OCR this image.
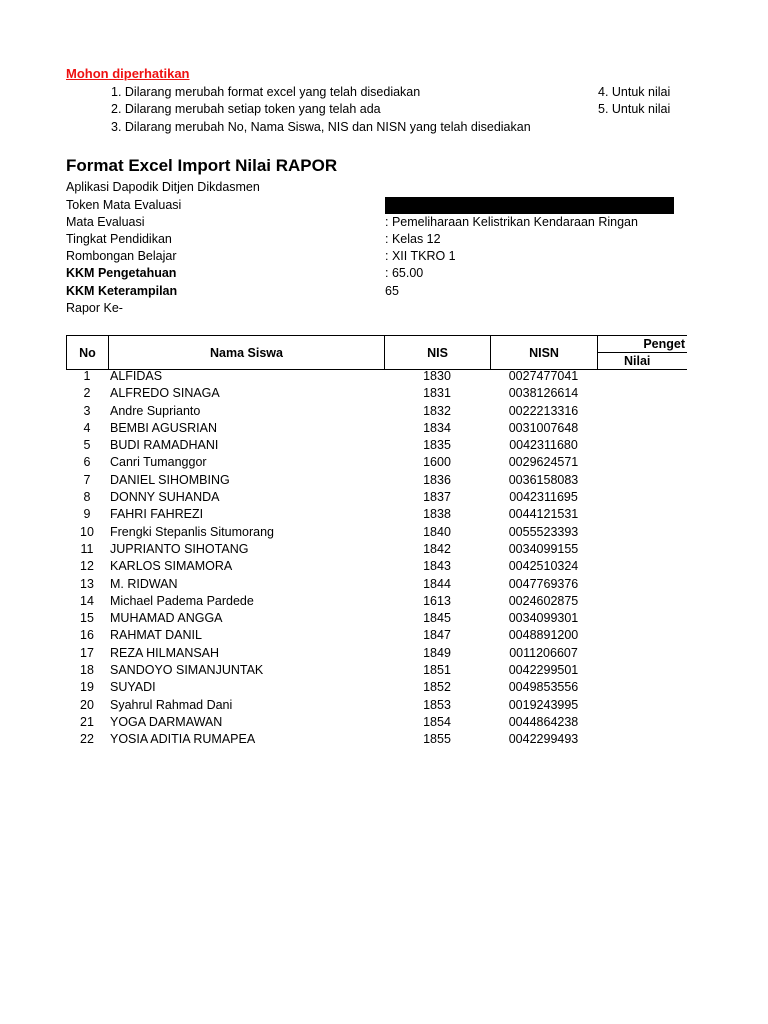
Mohon diperhatikan
1. Dilarang merubah format excel yang telah disediakan
2. Dilarang merubah setiap token yang telah ada
3. Dilarang merubah No, Nama Siswa, NIS dan NISN yang telah disediakan
4. Untuk nilai
5. Untuk nilai
Format Excel Import Nilai RAPOR
Aplikasi Dapodik Ditjen Dikdasmen
Token Mata Evaluasi
Mata Evaluasi	: Pemeliharaan Kelistrikan Kendaraan Ringan
Tingkat Pendidikan	: Kelas 12
Rombongan Belajar	: XII TKRO 1
KKM Pengetahuan	: 65.00
KKM Keterampilan	65
Rapor Ke-
No	Nama Siswa	NIS	NISN
Penget
Nilai
1	ALFIDAS	1830	0027477041
2	ALFREDO SINAGA	1831	0038126614
3	Andre Suprianto	1832	0022213316
4	BEMBI AGUSRIAN	1834	0031007648
5	BUDI RAMADHANI	1835	0042311680
6	Canri Tumanggor	1600	0029624571
7	DANIEL SIHOMBING	1836	0036158083
8	DONNY SUHANDA	1837	0042311695
9	FAHRI FAHREZI	1838	0044121531
10	Frengki Stepanlis Situmorang	1840	0055523393
11	JUPRIANTO SIHOTANG	1842	0034099155
12	KARLOS SIMAMORA	1843	0042510324
13	M. RIDWAN	1844	0047769376
14	Michael Padema Pardede	1613	0024602875
15	MUHAMAD ANGGA	1845	0034099301
16	RAHMAT DANIL	1847	0048891200
17	REZA HILMANSAH	1849	0011206607
18	SANDOYO SIMANJUNTAK	1851	0042299501
19	SUYADI	1852	0049853556
20	Syahrul Rahmad Dani	1853	0019243995
21	YOGA DARMAWAN	1854	0044864238
22	YOSIA ADITIA RUMAPEA	1855	0042299493
